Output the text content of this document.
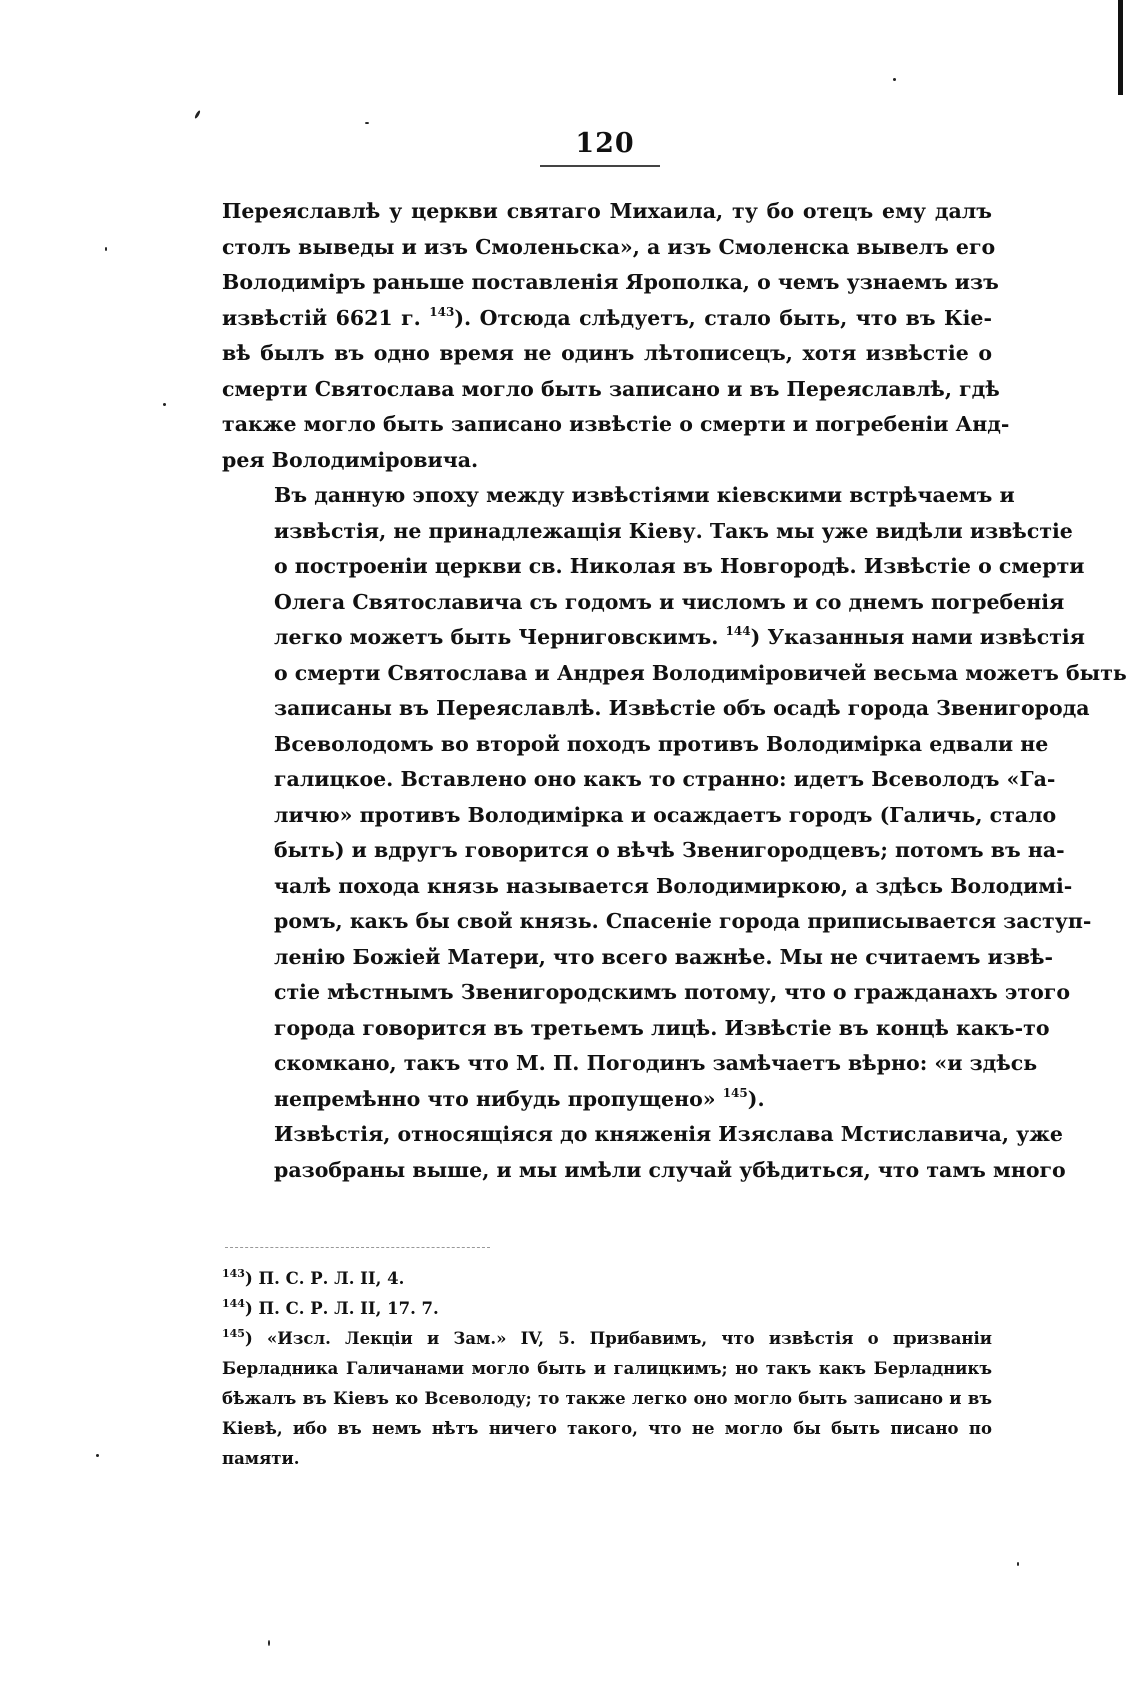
120
Переяславлѣ у церкви святаго Михаила, ту бо отецъ ему далъ
столъ выведы и изъ Смоленьска», а изъ Смоленска вывелъ его
Володиміръ раньше поставленія Ярополка, о чемъ узнаемъ изъ
извѣстій 6621 г. $^{143}$). Отсюда слѣдуетъ, стало быть, что въ Кіе-
вѣ былъ въ одно время не одинъ лѣтописецъ, хотя извѣстіе о
смерти Святослава могло быть записано и въ Переяславлѣ, гдѣ
также могло быть записано извѣстіе о смерти и погребеніи Анд-
рея Володиміровича.
Въ данную эпоху между извѣстіями кіевскими встрѣчаемъ и
извѣстія, не принадлежащія Кіеву. Такъ мы уже видѣли извѣстіе
о построеніи церкви св. Николая въ Новгородѣ. Извѣстіе о смерти
Олега Святославича съ годомъ и числомъ и со днемъ погребенія
легко можетъ быть Черниговскимъ. $^{144}$) Указанныя нами извѣстія
о смерти Святослава и Андрея Володиміровичей весьма можетъ быть
записаны въ Переяславлѣ. Извѣстіе объ осадѣ города Звенигорода
Всеволодомъ во второй походъ противъ Володимірка едвали не
галицкое. Вставлено оно какъ то странно: идетъ Всеволодъ «Га-
личю» противъ Володимірка и осаждаетъ городъ (Галичь, стало
быть) и вдругъ говорится о вѣчѣ Звенигородцевъ; потомъ въ на-
чалѣ похода князь называется Володимиркою, а здѣсь Володимі-
ромъ, какъ бы свой князь. Спасеніе города приписывается заступ-
ленію Божіей Матери, что всего важнѣе. Мы не считаемъ извѣ-
стіе мѣстнымъ Звенигородскимъ потому, что о гражданахъ этого
города говорится въ третьемъ лицѣ. Извѣстіе въ концѣ какъ-то
скомкано, такъ что М. П. Погодинъ замѣчаетъ вѣрно: «и здѣсь
непремѣнно что нибудь пропущено» $^{145}$).
Извѣстія, относящіяся до княженія Изяслава Мстиславича, уже
разобраны выше, и мы имѣли случай убѣдиться, что тамъ много
$^{143}$) П. С. Р. Л. II, 4.
$^{144}$) П. С. Р. Л. II, 17. 7.
$^{145}$) «Изсл. Лекціи и Зам.» IV, 5. Прибавимъ, что извѣстія о призваніи Берладника Галичанами могло быть и галицкимъ; но такъ какъ Берладникъ бѣжалъ въ Кіевъ ко Всеволоду; то также легко оно могло быть записано и въ Кіевѣ, ибо въ немъ нѣтъ ничего такого, что не могло бы быть писано по памяти.
